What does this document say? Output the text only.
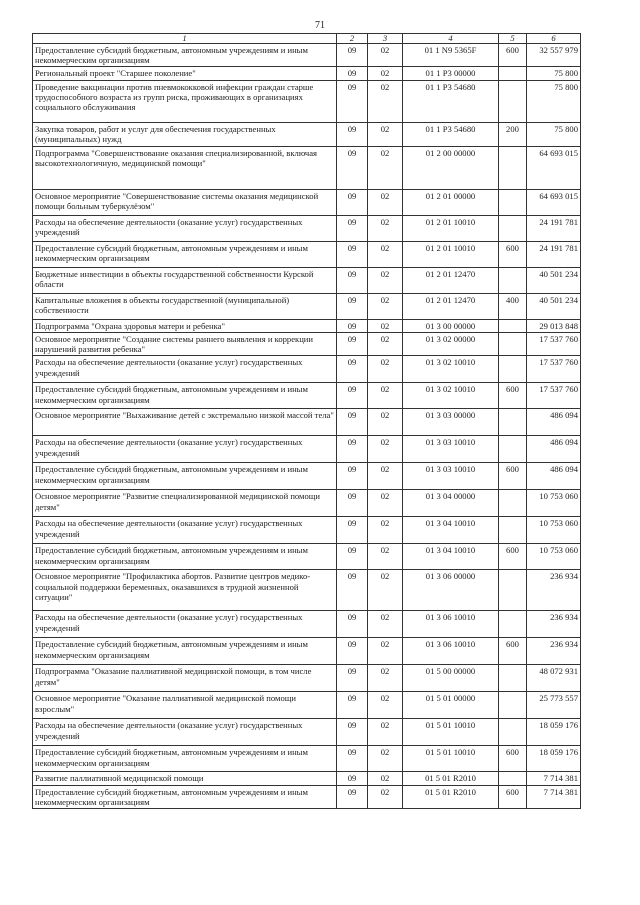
71
1	2	3	4	5	6
Предоставление субсидий бюджетным, автономным учреждениям и иным некоммерческим организациям	09	02	01 1 N9 5365F	600	32 557 979
Региональный проект "Старшее поколение"	09	02	01 1 P3 00000		75 800
Проведение вакцинации против пневмококковой инфекции граждан старше трудоспособного возраста из групп риска, проживающих в организациях социального обслуживания	09	02	01 1 P3 54680		75 800
Закупка товаров, работ и услуг для обеспечения государственных (муниципальных) нужд	09	02	01 1 P3 54680	200	75 800
Подпрограмма "Совершенствование оказания специализированной, включая высокотехнологичную, медицинской помощи"	09	02	01 2 00 00000		64 693 015
Основное мероприятие "Совершенствование системы оказания медицинской помощи больным туберкулёзом"	09	02	01 2 01 00000		64 693 015
Расходы на обеспечение деятельности (оказание услуг) государственных учреждений	09	02	01 2 01 10010		24 191 781
Предоставление субсидий бюджетным, автономным учреждениям и иным некоммерческим организациям	09	02	01 2 01 10010	600	24 191 781
Бюджетные инвестиции в объекты государственной собственности Курской области	09	02	01 2 01 12470		40 501 234
Капитальные вложения в объекты государственной (муниципальной) собственности	09	02	01 2 01 12470	400	40 501 234
Подпрограмма "Охрана здоровья матери и ребенка"	09	02	01 3 00 00000		29 013 848
Основное мероприятие "Создание системы раннего выявления и коррекции нарушений развития ребенка"	09	02	01 3 02 00000		17 537 760
Расходы на обеспечение деятельности (оказание услуг) государственных учреждений	09	02	01 3 02 10010		17 537 760
Предоставление субсидий бюджетным, автономным учреждениям и иным некоммерческим организациям	09	02	01 3 02 10010	600	17 537 760
Основное мероприятие "Выхаживание детей с экстремально низкой массой тела"	09	02	01 3 03 00000		486 094
Расходы на обеспечение деятельности (оказание услуг) государственных учреждений	09	02	01 3 03 10010		486 094
Предоставление субсидий бюджетным, автономным учреждениям и иным некоммерческим организациям	09	02	01 3 03 10010	600	486 094
Основное мероприятие "Развитие специализированной медицинской помощи детям"	09	02	01 3 04 00000		10 753 060
Расходы на обеспечение деятельности (оказание услуг) государственных учреждений	09	02	01 3 04 10010		10 753 060
Предоставление субсидий бюджетным, автономным учреждениям и иным некоммерческим организациям	09	02	01 3 04 10010	600	10 753 060
Основное мероприятие "Профилактика абортов. Развитие центров медико-социальной поддержки беременных, оказавшихся в трудной жизненной ситуации"	09	02	01 3 06 00000		236 934
Расходы на обеспечение деятельности (оказание услуг) государственных учреждений	09	02	01 3 06 10010		236 934
Предоставление субсидий бюджетным, автономным учреждениям и иным некоммерческим организациям	09	02	01 3 06 10010	600	236 934
Подпрограмма "Оказание паллиативной медицинской помощи, в том числе детям"	09	02	01 5 00 00000		48 072 931
Основное мероприятие "Оказание паллиативной медицинской помощи взрослым"	09	02	01 5 01 00000		25 773 557
Расходы на обеспечение деятельности (оказание услуг) государственных учреждений	09	02	01 5 01 10010		18 059 176
Предоставление субсидий бюджетным, автономным учреждениям и иным некоммерческим организациям	09	02	01 5 01 10010	600	18 059 176
Развитие паллиативной медицинской помощи	09	02	01 5 01 R2010		7 714 381
Предоставление субсидий бюджетным, автономным учреждениям и иным некоммерческим организациям	09	02	01 5 01 R2010	600	7 714 381
